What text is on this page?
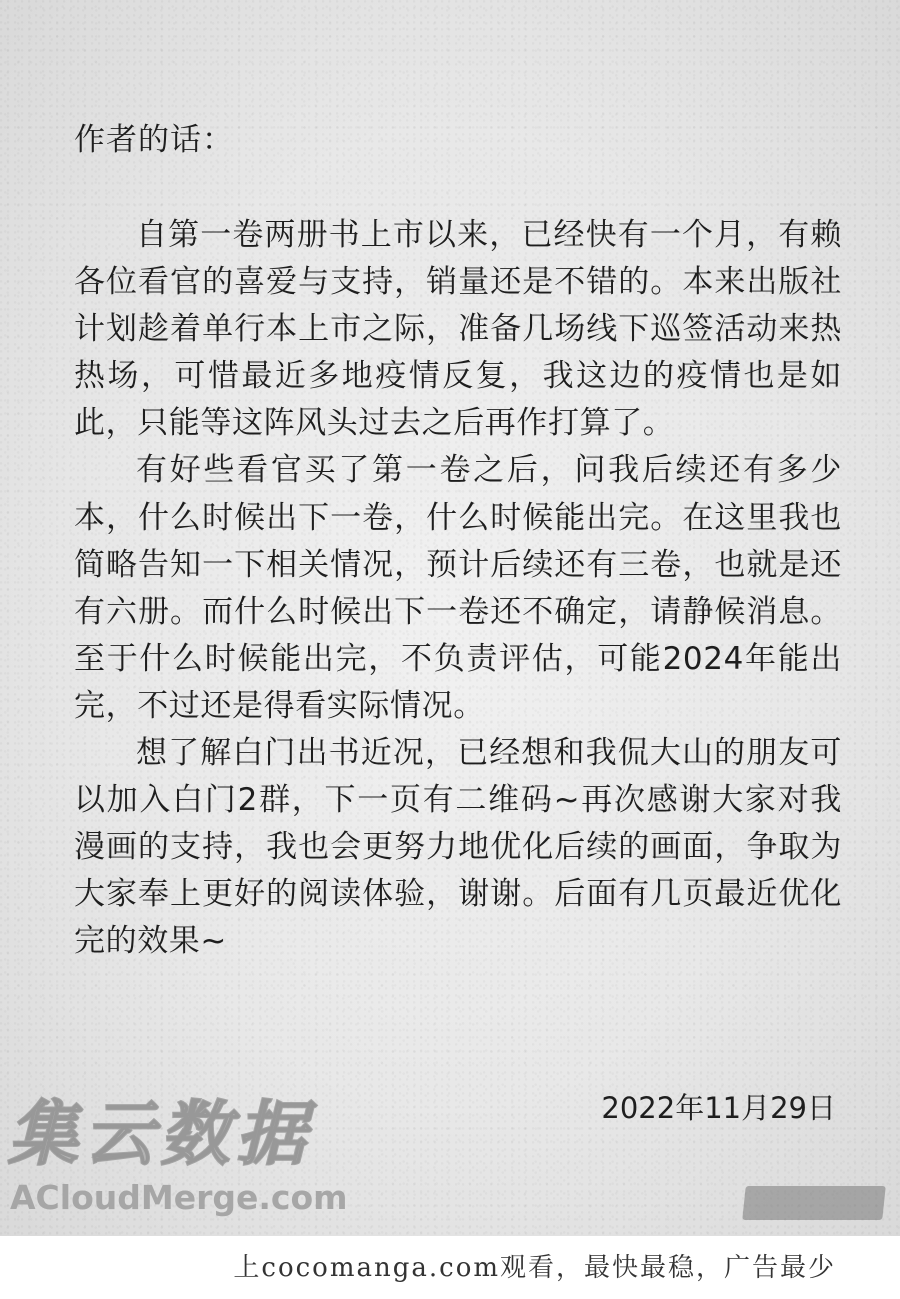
作者的话：

自第一卷两册书上市以来，已经快有一个月，有赖各位看官的喜爱与支持，销量还是不错的。本来出版社计划趁着单行本上市之际，准备几场线下巡签活动来热热场，可惜最近多地疫情反复，我这边的疫情也是如此，只能等这阵风头过去之后再作打算了。

有好些看官买了第一卷之后，问我后续还有多少本，什么时候出下一卷，什么时候能出完。在这里我也简略告知一下相关情况，预计后续还有三卷，也就是还有六册。而什么时候出下一卷还不确定，请静候消息。至于什么时候能出完，不负责评估，可能2024年能出完，不过还是得看实际情况。

想了解白门出书近况，已经想和我侃大山的朋友可以加入白门2群，下一页有二维码~再次感谢大家对我漫画的支持，我也会更努力地优化后续的画面，争取为大家奉上更好的阅读体验，谢谢。后面有几页最近优化完的效果~

2022年11月29日
集云数据
ACloudMerge.com
上cocomanga.com观看，最快最稳，广告最少
